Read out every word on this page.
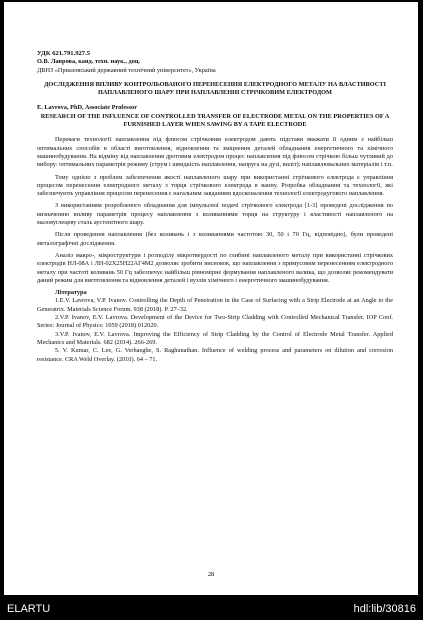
УДК 621.791.927.5

О.В. Лаврова, канд. техн. наук., доц.

ДВНЗ «Приазовський державний технічний університет», Україна

ДОСЛІДЖЕННЯ ВПЛИВУ КОНТРОЛЬОВАНОГО ПЕРЕНЕСЕННЯ ЕЛЕКТРОДНОГО МЕТАЛУ НА ВЛАСТИВОСТІ НАПЛАВЛЕНОГО ШАРУ ПРИ НАПЛАВЛЕННІ СТРІЧКОВИМ ЕЛЕКТРОДОМ

E. Lavrova, PhD, Associate Professor

RESEARCH OF THE INFLUENCE OF CONTROLLED TRANSFER OF ELECTRODE METAL ON THE PROPERTIES OF A FURNISHED LAYER WHEN SAWING BY A TAPE ELECTRODE

Переваги технології наплавлення під флюсом стрічковим електродом дають підстави вважати її одним з найбільш оптимальних способів в області виготовлення, відновлення та зміцнення деталей обладнання енергетичного та хімічного машинобудування. На відміну від наплавлення дротовим електродом процес наплавлення під флюсом стрічкою більш чутливий до вибору: оптимальних параметрів режиму (струм і швидкість наплавлення, напруга на дузі, виліт); наплавлювальних матеріалів і т.п.

Тому однією з проблем забезпечення якості наплавленого шару при використанні стрічкового електрода є управління процесом перенесення електродного металу з торця стрічкового електрода в ванну. Розробка обладнання та технології, які забезпечують управління процесом перенесення є нагальним завданням вдосконалення технології електродугового наплавлення.

З використанням розробленого обладнання для імпульсної подачі стрічкового електрода [1-3] проведені дослідження по визначенню впливу параметрів процесу наплавлення з коливаннями торця на структуру і властивості наплавленого на маловуглецеву сталь аустенітного шару.

Після проведення наплавлення (без коливань і з коливаннями частотою 30, 50 і 70 Гц, відповідно), були проведені металографічні дослідження.

Аналіз макро-, мікроструктури і розподілу мікротвердості по глибині наплавленого металу при використанні стрічкових електродів НЛ-08А і ЛН-02Х25Н22АГ4М2 дозволяє зробити висновок, що наплавлення з примусовим перенесенням електродного металу при частоті коливань 50 Гц забезпечує найбільш рівномірне формування наплавленого валика, що дозволяє рекомендувати даний режим для виготовлення та відновлення деталей і вузлів хімічного і енергетичного машинобудування.

Література

1.E.V. Lavrova, V.P. Ivanov. Controlling the Depth of Penetration in the Case of Surfacing with a Strip Electrode at an Angle to the Generatrix. Materials Science Forum. 938 (2018). P. 27–32.

2.V.P. Ivanov, E.V. Lavrova. Development of the Device for Two-Strip Cladding with Controlled Mechanical Transfer. IOP Conf. Series: Journal of Physics: 1059 (2018) 012020.

3.V.P. Ivanov, E.V. Lavrova. Improving the Efficiency of Strip Cladding by the Control of Electrode Metal Transfer. Applied Mechanics and Materials. 682 (2014). 266-269.

5. V. Kumar, C. Lee, G. Verhaeghe, S. Raghunathan. Influence of welding process and parameters on dilution and corrosion resistance. CRA Weld Overlay. (2010). 64 – 71.

28
ELARTU	hdl:lib/30816
